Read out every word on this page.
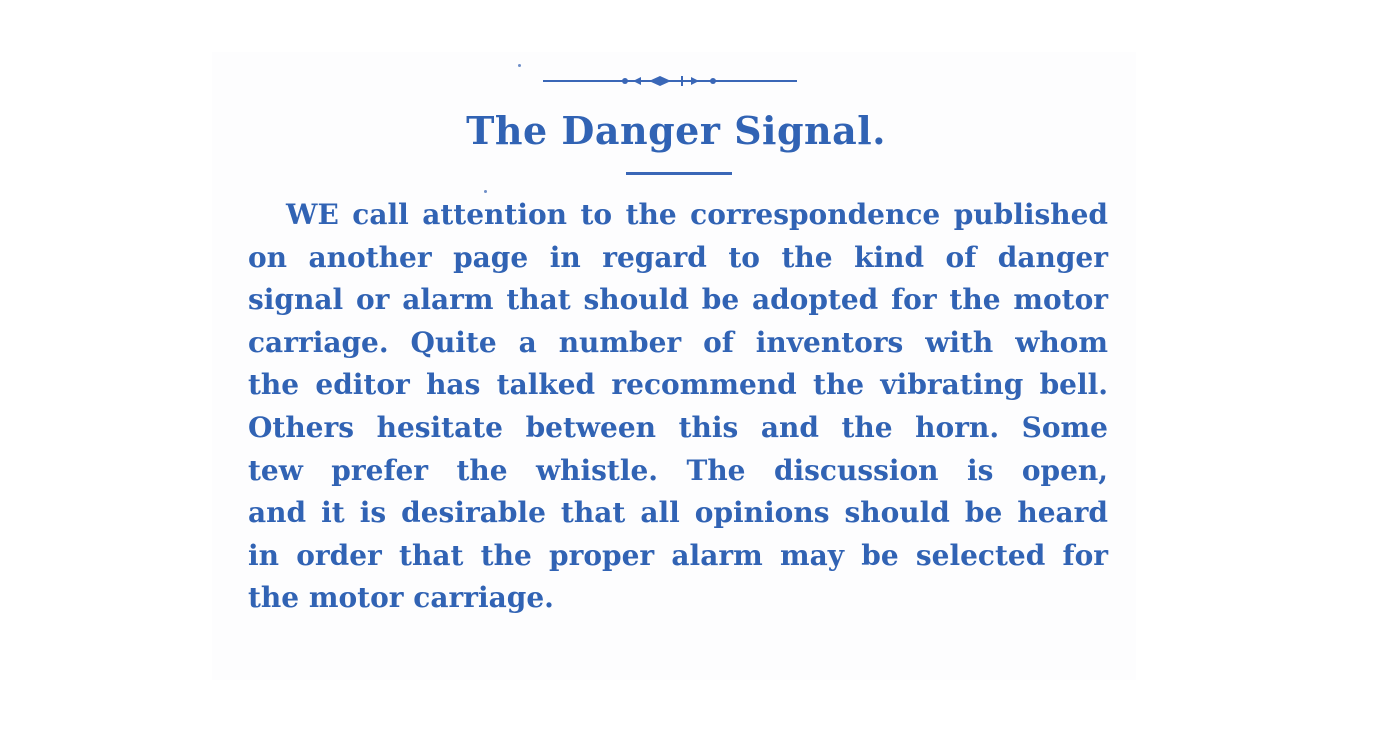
The Danger Signal.
WE call attention to the correspondence published
on another page in regard to the kind of danger
signal or alarm that should be adopted for the motor
carriage. Quite a number of inventors with whom
the editor has talked recommend the vibrating bell.
Others hesitate between this and the horn. Some
tew prefer the whistle. The discussion is open,
and it is desirable that all opinions should be heard
in order that the proper alarm may be selected for
the motor carriage.
